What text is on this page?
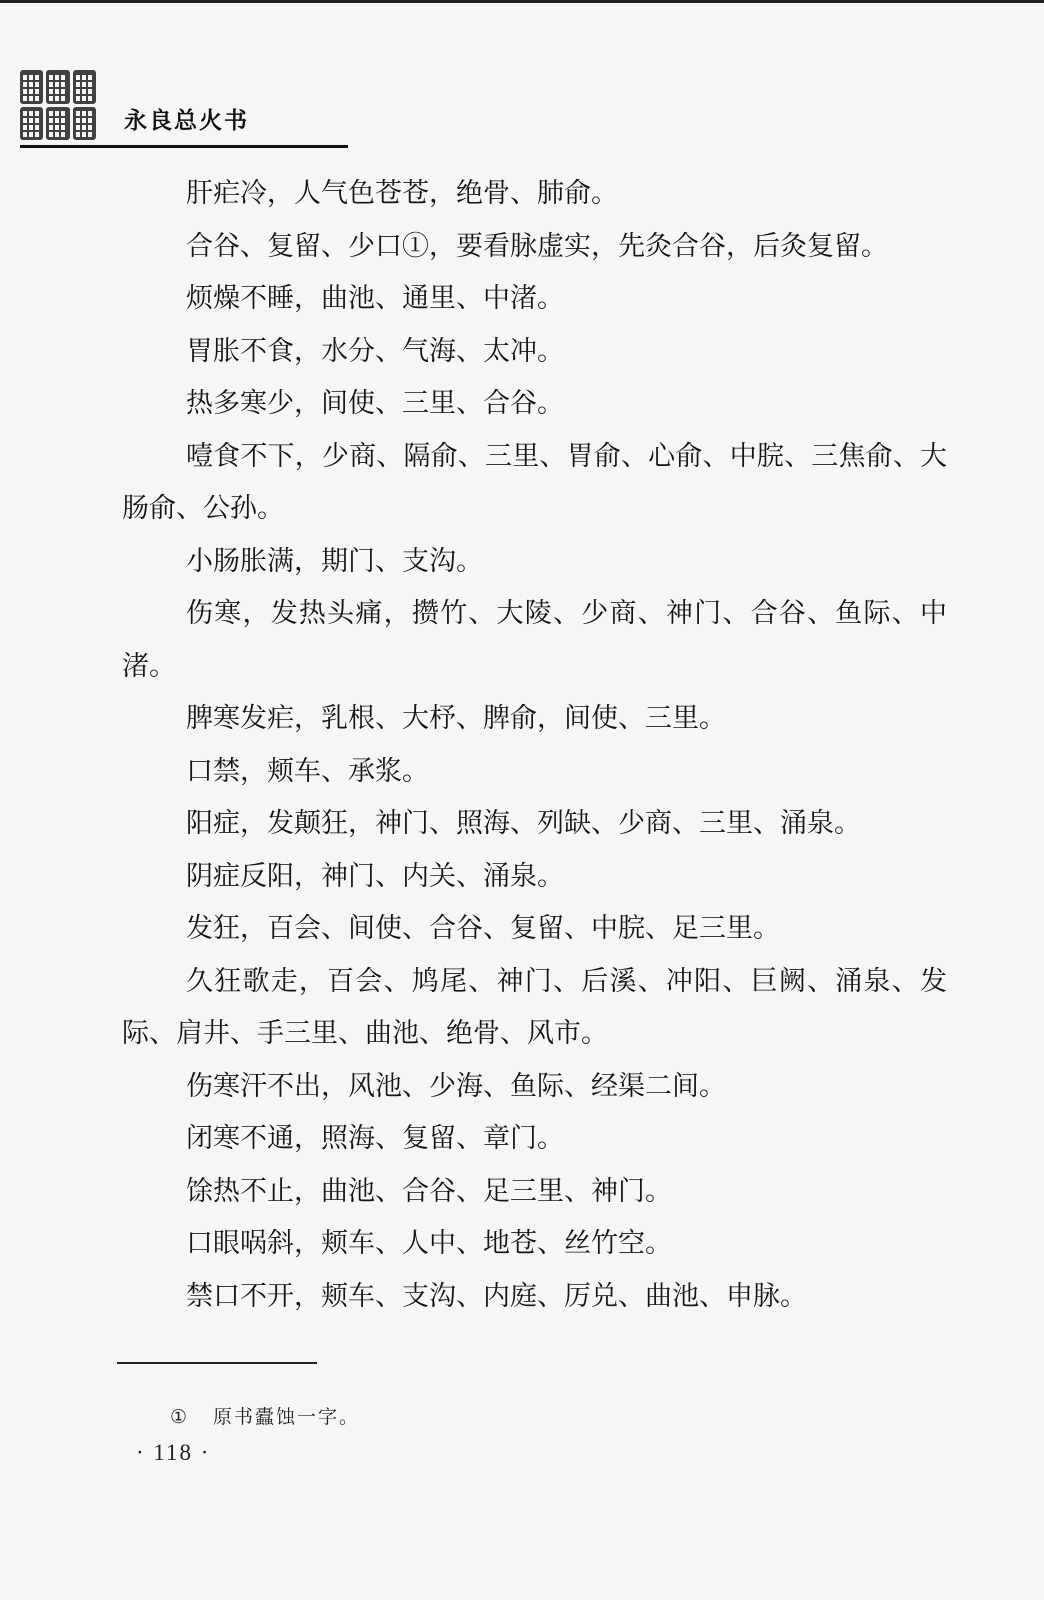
永良总火书

肝疟冷，人气色苍苍，绝骨、肺俞。

合谷、复留、少口①，要看脉虚实，先灸合谷，后灸复留。

烦燥不睡，曲池、通里、中渚。

胃胀不食，水分、气海、太冲。

热多寒少，间使、三里、合谷。

噎食不下，少商、隔俞、三里、胃俞、心俞、中脘、三焦俞、大肠俞、公孙。

小肠胀满，期门、支沟。

伤寒，发热头痛，攒竹、大陵、少商、神门、合谷、鱼际、中渚。

脾寒发疟，乳根、大杼、脾俞，间使、三里。

口禁，颊车、承浆。

阳症，发颠狂，神门、照海、列缺、少商、三里、涌泉。

阴症反阳，神门、内关、涌泉。

发狂，百会、间使、合谷、复留、中脘、足三里。

久狂歌走，百会、鸠尾、神门、后溪、冲阳、巨阙、涌泉、发际、肩井、手三里、曲池、绝骨、风市。

伤寒汗不出，风池、少海、鱼际、经渠二间。

闭寒不通，照海、复留、章门。

馀热不止，曲池、合谷、足三里、神门。

口眼㖞斜，颊车、人中、地苍、丝竹空。

禁口不开，颊车、支沟、内庭、厉兑、曲池、申脉。

① 原书蠹蚀一字。
· 118 ·
